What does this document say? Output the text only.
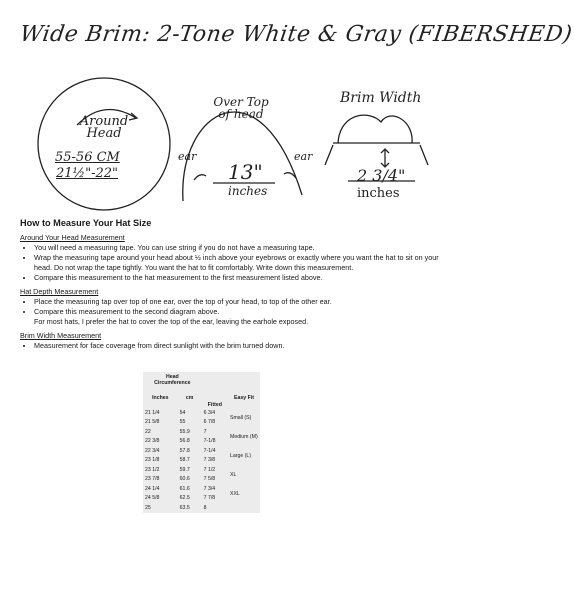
Wide Brim: 2-Tone White & Gray (FIBERSHED)
Around
Head
55-56 CM
21½"-22"
Over Top
of head
ear	ear
13"
inches
Brim Width
2 3/4"
inches
How to Measure Your Hat Size
Around Your Head Measurement
• You will need a measuring tape. You can use string if you do not have a measuring tape.
• Wrap the measuring tape around your head about ½ inch above your eyebrows or exactly where you want the hat to sit on your head. Do not wrap the tape tightly. You want the hat to fit comfortably. Write down this measurement.
• Compare this measurement to the hat measurement to the first measurement listed above.
Hat Depth Measurement
• Place the measuring tap over top of one ear, over the top of your head, to top of the other ear.
• Compare this measurement to the second diagram above.
For most hats, I prefer the hat to cover the top of the ear, leaving the earhole exposed.
Brim Width Measurement
• Measurement for face coverage from direct sunlight with the brim turned down.
Head
Circumference			

Inches	cm	Fitted	Easy Fit
21 1/4	54	6 3/4	Small (S)
21 5/8	55	6 7/8	
22	55.9	7	Medium (M)
22 3/8	56.8	7-1/8	
22 3/4	57.8	7-1/4	Large (L)
23 1/8	58.7	7 3/8	
23 1/2	59.7	7 1/2	XL
23 7/8	60.6	7 5/8	
24 1/4	61.6	7 3/4	XXL
24 5/8	62.5	7 7/8	
25	63.5	8	
